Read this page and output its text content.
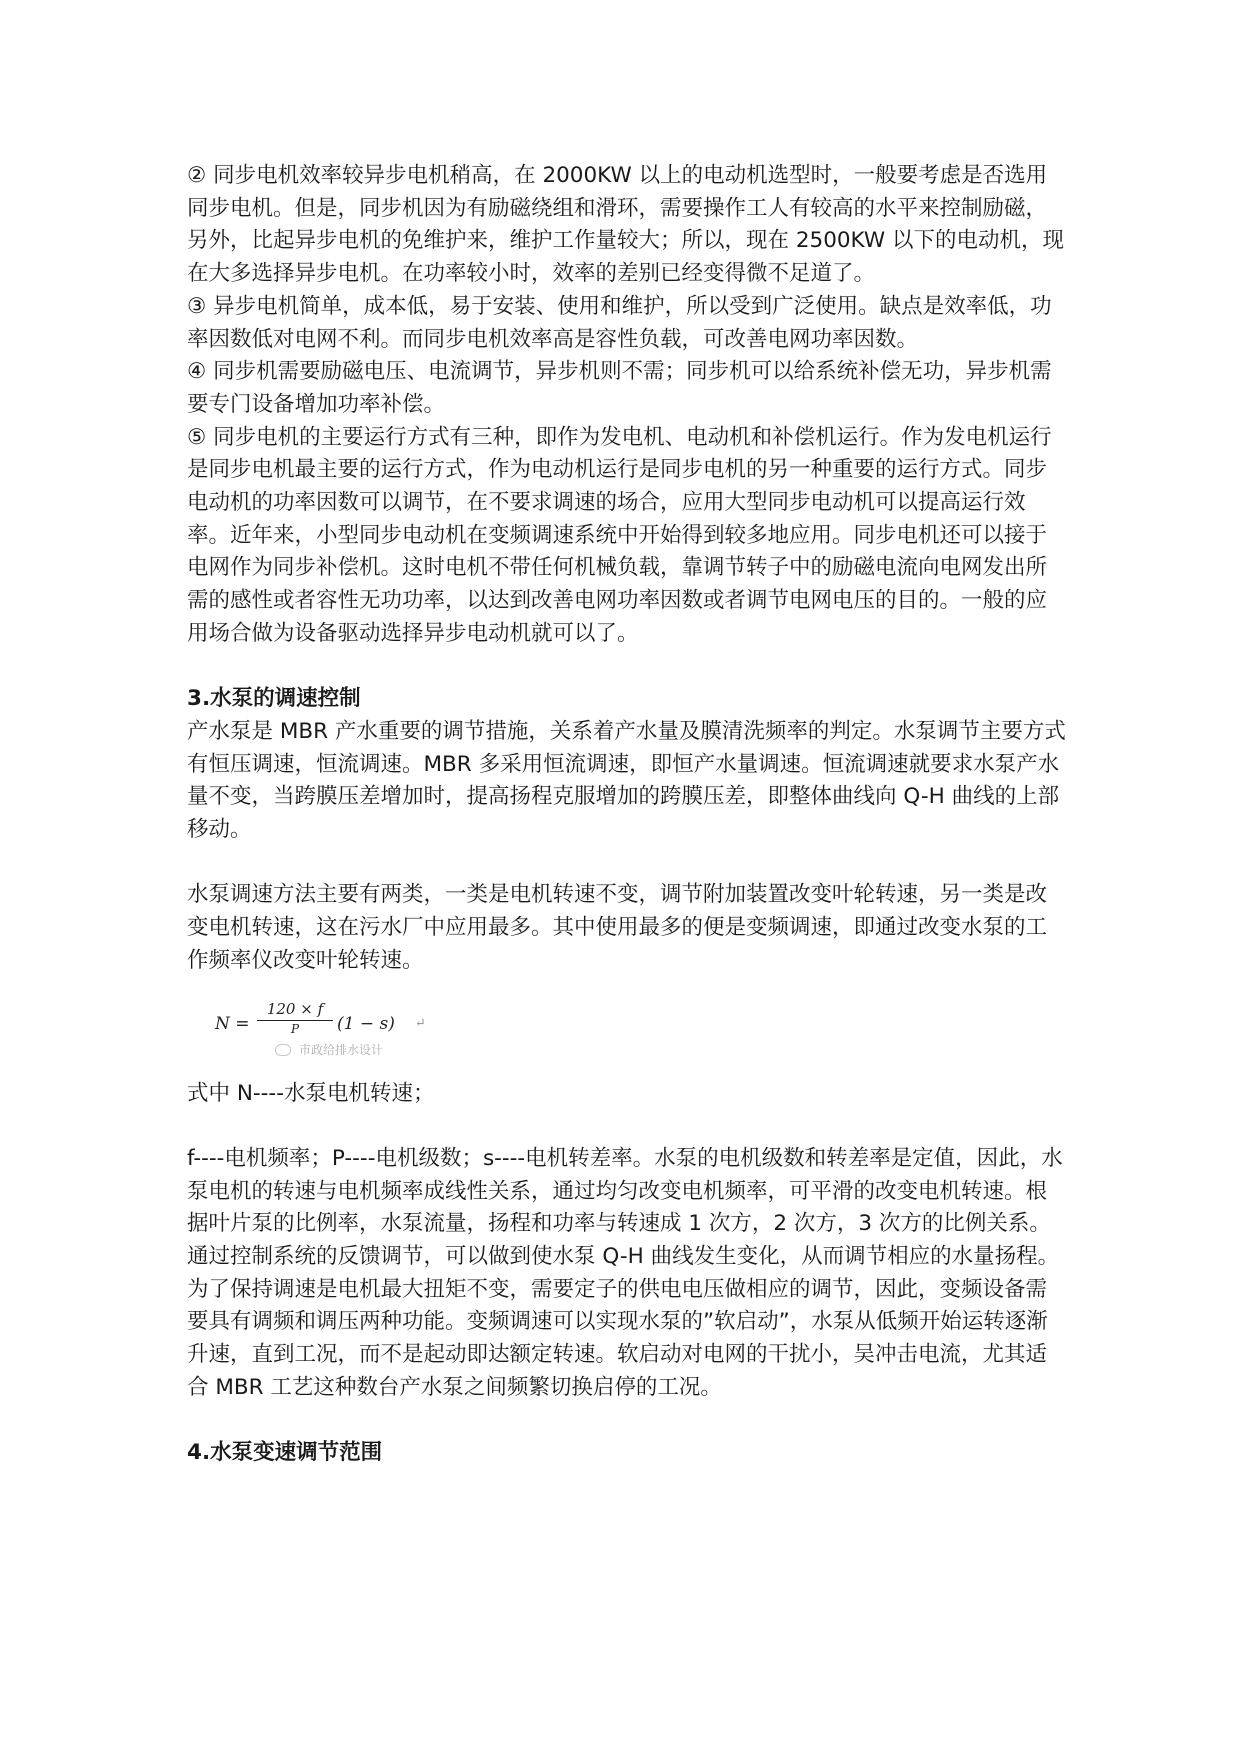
② 同步电机效率较异步电机稍高，在 2000KW 以上的电动机选型时，一般要考虑是否选用同步电机。但是，同步机因为有励磁绕组和滑环，需要操作工人有较高的水平来控制励磁，另外，比起异步电机的免维护来，维护工作量较大；所以，现在 2500KW 以下的电动机，现在大多选择异步电机。在功率较小时，效率的差别已经变得微不足道了。

③ 异步电机简单，成本低，易于安装、使用和维护，所以受到广泛使用。缺点是效率低，功率因数低对电网不利。而同步电机效率高是容性负载，可改善电网功率因数。

④ 同步机需要励磁电压、电流调节，异步机则不需；同步机可以给系统补偿无功，异步机需要专门设备增加功率补偿。

⑤ 同步电机的主要运行方式有三种，即作为发电机、电动机和补偿机运行。作为发电机运行是同步电机最主要的运行方式，作为电动机运行是同步电机的另一种重要的运行方式。同步电动机的功率因数可以调节，在不要求调速的场合，应用大型同步电动机可以提高运行效率。近年来，小型同步电动机在变频调速系统中开始得到较多地应用。同步电机还可以接于电网作为同步补偿机。这时电机不带任何机械负载，靠调节转子中的励磁电流向电网发出所需的感性或者容性无功功率，以达到改善电网功率因数或者调节电网电压的目的。一般的应用场合做为设备驱动选择异步电动机就可以了。

3.水泵的调速控制

产水泵是 MBR 产水重要的调节措施，关系着产水量及膜清洗频率的判定。水泵调节主要方式有恒压调速，恒流调速。MBR 多采用恒流调速，即恒产水量调速。恒流调速就要求水泵产水量不变，当跨膜压差增加时，提高扬程克服增加的跨膜压差，即整体曲线向 Q-H 曲线的上部移动。

水泵调速方法主要有两类，一类是电机转速不变，调节附加装置改变叶轮转速，另一类是改变电机转速，这在污水厂中应用最多。其中使用最多的便是变频调速，即通过改变水泵的工作频率仪改变叶轮转速。

N =
120 × f
P	(1 − s) ↵
市政给排水设计

式中 N----水泵电机转速；

f----电机频率；P----电机级数；s----电机转差率。水泵的电机级数和转差率是定值，因此，水泵电机的转速与电机频率成线性关系，通过均匀改变电机频率，可平滑的改变电机转速。根据叶片泵的比例率，水泵流量，扬程和功率与转速成 1 次方，2 次方，3 次方的比例关系。通过控制系统的反馈调节，可以做到使水泵 Q-H 曲线发生变化，从而调节相应的水量扬程。为了保持调速是电机最大扭矩不变，需要定子的供电电压做相应的调节，因此，变频设备需要具有调频和调压两种功能。变频调速可以实现水泵的”软启动”，水泵从低频开始运转逐渐升速，直到工况，而不是起动即达额定转速。软启动对电网的干扰小，吴冲击电流，尤其适合 MBR 工艺这种数台产水泵之间频繁切换启停的工况。

4.水泵变速调节范围
